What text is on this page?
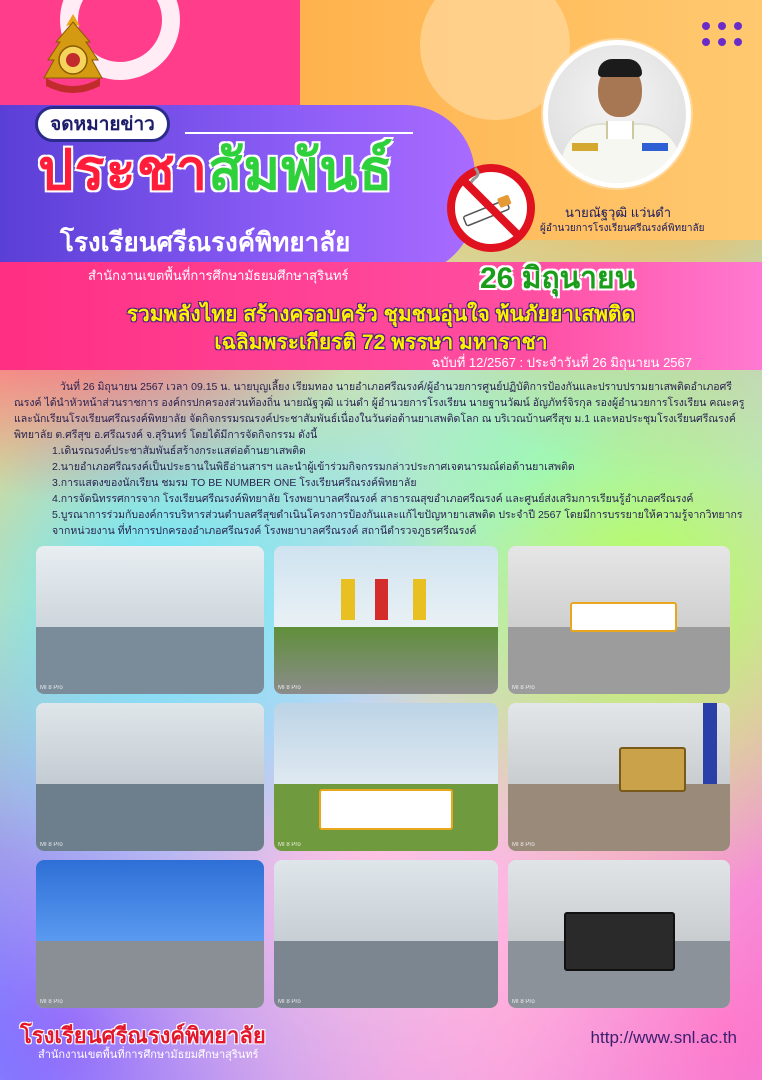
จดหมายข่าว
ประชาสัมพันธ์
โรงเรียนศรีณรงค์พิทยาลัย
สำนักงานเขตพื้นที่การศึกษามัธยมศึกษาสุรินทร์
นายณัฐวุฒิ แว่นดำ
ผู้อำนวยการโรงเรียนศรีณรงค์พิทยาลัย
26 มิถุนายน
รวมพลังไทย สร้างครอบครัว ชุมชนอุ่นใจ พ้นภัยยาเสพติด
เฉลิมพระเกียรติ 72 พรรษา มหาราชา
ฉบับที่ 12/2567 : ประจำวันที่ 26 มิถุนายน 2567

วันที่ 26 มิถุนายน 2567 เวลา 09.15 น. นายบุญเลี้ยง เรียมทอง นายอำเภอศรีณรงค์/ผู้อำนวยการศูนย์ปฏิบัติการป้องกันและปราบปรามยาเสพติดอำเภอศรีณรงค์ ได้นำหัวหน้าส่วนราชการ องค์กรปกครองส่วนท้องถิ่น นายณัฐวุฒิ แว่นดำ ผู้อำนวยการโรงเรียน นายฐานวัฒน์ อัญภัทร์จิรกุล รองผู้อำนวยการโรงเรียน คณะครู และนักเรียนโรงเรียนศรีณรงค์พิทยาลัย จัดกิจกรรมรณรงค์ประชาสัมพันธ์เนื่องในวันต่อต้านยาเสพติดโลก ณ บริเวณบ้านศรีสุข ม.1 และหอประชุมโรงเรียนศรีณรงค์พิทยาลัย ต.ศรีสุข อ.ศรีณรงค์ จ.สุรินทร์ โดยได้มีการจัดกิจกรรม ดังนี้

1.เดินรณรงค์ประชาสัมพันธ์สร้างกระแสต่อต้านยาเสพติด

2.นายอำเภอศรีณรงค์เป็นประธานในพิธีอ่านสารฯ และนำผู้เข้าร่วมกิจกรรมกล่าวประกาศเจตนารมณ์ต่อต้านยาเสพติด

3.การแสดงของนักเรียน ชมรม TO BE NUMBER ONE โรงเรียนศรีณรงค์พิทยาลัย

4.การจัดนิทรรศการจาก โรงเรียนศรีณรงค์พิทยาลัย โรงพยาบาลศรีณรงค์ สาธารณสุขอำเภอศรีณรงค์ และศูนย์ส่งเสริมการเรียนรู้อำเภอศรีณรงค์

5.บูรณาการร่วมกับองค์การบริหารส่วนตำบลศรีสุขดำเนินโครงการป้องกันและแก้ไขปัญหายาเสพติด ประจำปี 2567 โดยมีการบรรยายให้ความรู้จากวิทยากรจากหน่วยงาน ที่ทำการปกครองอำเภอศรีณรงค์ โรงพยาบาลศรีณรงค์ สถานีตำรวจภูธรศรีณรงค์

MI 8 Pro	MI 8 Pro	MI 8 Pro
MI 8 Pro	MI 8 Pro	MI 8 Pro
MI 8 Pro	MI 8 Pro	MI 8 Pro
โรงเรียนศรีณรงค์พิทยาลัย
สำนักงานเขตพื้นที่การศึกษามัธยมศึกษาสุรินทร์
http://www.snl.ac.th
